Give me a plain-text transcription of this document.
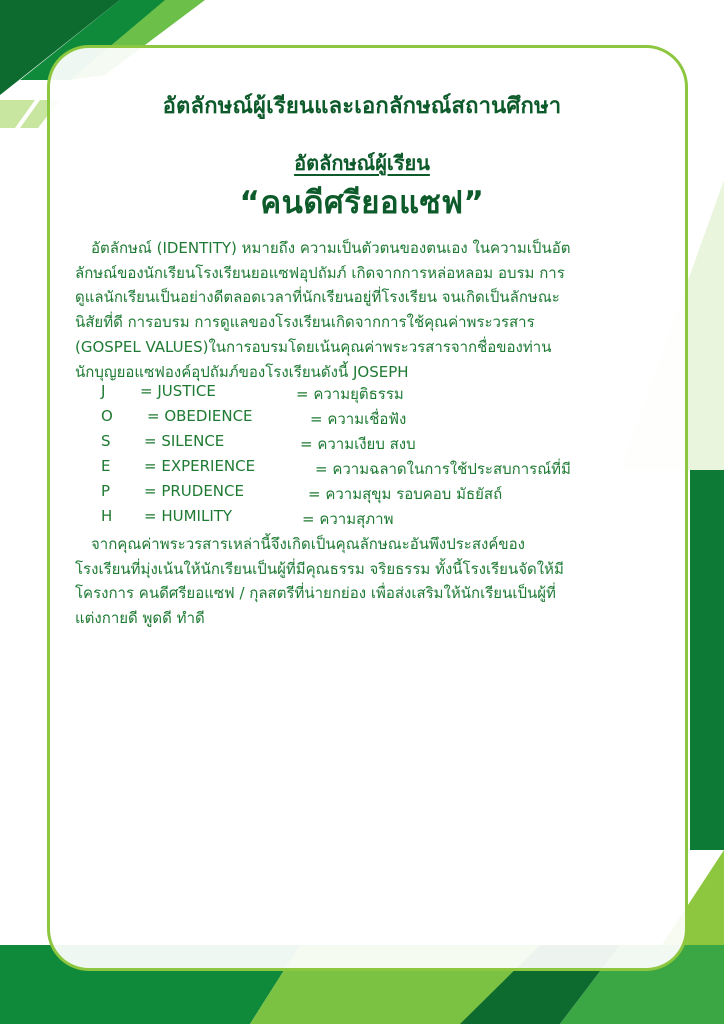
อัตลักษณ์ผู้เรียนและเอกลักษณ์สถานศึกษา
อัตลักษณ์ผู้เรียน
“คนดีศรียอแซฟ”
อัตลักษณ์ (IDENTITY) หมายถึง ความเป็นตัวตนของตนเอง ในความเป็นอัต
ลักษณ์ของนักเรียนโรงเรียนยอแซฟอุปถัมภ์ เกิดจากการหล่อหลอม อบรม การ
ดูแลนักเรียนเป็นอย่างดีตลอดเวลาที่นักเรียนอยู่ที่โรงเรียน จนเกิดเป็นลักษณะ
นิสัยที่ดี การอบรม การดูแลของโรงเรียนเกิดจากการใช้คุณค่าพระวรสาร
(GOSPEL VALUES)ในการอบรมโดยเน้นคุณค่าพระวรสารจากชื่อของท่าน
นักบุญยอแซฟองค์อุปถัมภ์ของโรงเรียนดังนี้ JOSEPH
J = JUSTICE	= ความยุติธรรม
O = OBEDIENCE	= ความเชื่อฟัง
S = SILENCE	= ความเงียบ สงบ
E = EXPERIENCE	= ความฉลาดในการใช้ประสบการณ์ที่มี
P = PRUDENCE	= ความสุขุม รอบคอบ มัธยัสถ์
H = HUMILITY	= ความสุภาพ
จากคุณค่าพระวรสารเหล่านี้จึงเกิดเป็นคุณลักษณะอันพึงประสงค์ของ
โรงเรียนที่มุ่งเน้นให้นักเรียนเป็นผู้ที่มีคุณธรรม จริยธรรม ทั้งนี้โรงเรียนจัดให้มี
โครงการ คนดีศรียอแซฟ / กุลสตรีที่น่ายกย่อง เพื่อส่งเสริมให้นักเรียนเป็นผู้ที่
แต่งกายดี พูดดี ทำดี
